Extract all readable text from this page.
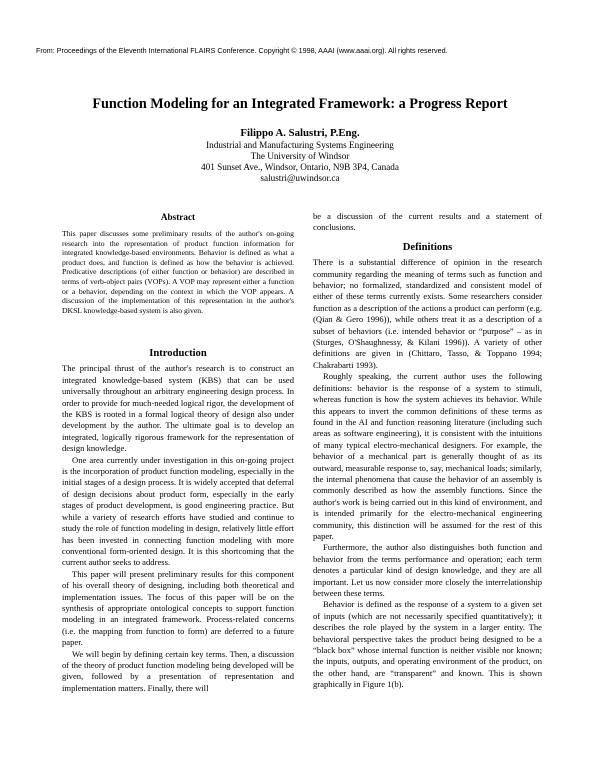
From: Proceedings of the Eleventh International FLAIRS Conference. Copyright © 1998, AAAI (www.aaai.org). All rights reserved.
Function Modeling for an Integrated Framework: a Progress Report
Filippo A. Salustri, P.Eng.
Industrial and Manufacturing Systems Engineering
The University of Windsor
401 Sunset Ave., Windsor, Ontario, N9B 3P4, Canada
salustri@uwindsor.ca
Abstract

This paper discusses some preliminary results of the author's on-going research into the representation of product function information for integrated knowledge-based environments. Behavior is defined as what a product does, and function is defined as how the behavior is achieved. Predicative descriptions (of either function or behavior) are described in terms of verb-object pairs (VOPs). A VOP may represent either a function or a behavior, depending on the context in which the VOP appears. A discussion of the implementation of this representation in the author's DKSL knowledge-based system is also given.

Introduction

The principal thrust of the author's research is to construct an integrated knowledge-based system (KBS) that can be used universally throughout an arbitrary engineering design process. In order to provide for much-needed logical rigor, the development of the KBS is rooted in a formal logical theory of design also under development by the author. The ultimate goal is to develop an integrated, logically rigorous framework for the representation of design knowledge.

One area currently under investigation in this on-going project is the incorporation of product function modeling, especially in the initial stages of a design process. It is widely accepted that deferral of design decisions about product form, especially in the early stages of product development, is good engineering practice. But while a variety of research efforts have studied and continue to study the role of function modeling in design, relatively little effort has been invested in connecting function modeling with more conventional form-oriented design. It is this shortcoming that the current author seeks to address.

This paper will present preliminary results for this component of his overall theory of designing, including both theoretical and implementation issues. The focus of this paper will be on the synthesis of appropriate ontological concepts to support function modeling in an integrated framework. Process-related concerns (i.e. the mapping from function to form) are deferred to a future paper.

We will begin by defining certain key terms. Then, a discussion of the theory of product function modeling being developed will be given, followed by a presentation of representation and implementation matters. Finally, there will

be a discussion of the current results and a statement of conclusions.

Definitions

There is a substantial difference of opinion in the research community regarding the meaning of terms such as function and behavior; no formalized, standardized and consistent model of either of these terms currently exists. Some researchers consider function as a description of the actions a product can perform (e.g. (Qian & Gero 1996)), while others treat it as a description of a subset of behaviors (i.e. intended behavior or “purpose” – as in (Sturges, O'Shaughnessy, & Kilani 1996)). A variety of other definitions are given in (Chittaro, Tasso, & Toppano 1994; Chakrabarti 1993).

Roughly speaking, the current author uses the following definitions: behavior is the response of a system to stimuli, whereas function is how the system achieves its behavior. While this appears to invert the common definitions of these terms as found in the AI and function reasoning literature (including such areas as software engineering), it is consistent with the intuitions of many typical electro-mechanical designers. For example, the behavior of a mechanical part is generally thought of as its outward, measurable response to, say, mechanical loads; similarly, the internal phenomena that cause the behavior of an assembly is commonly described as how the assembly functions. Since the author's work is being carried out in this kind of environment, and is intended primarily for the electro-mechanical engineering community, this distinction will be assumed for the rest of this paper.

Furthermore, the author also distinguishes both function and behavior from the terms performance and operation; each term denotes a particular kind of design knowledge, and they are all important. Let us now consider more closely the interrelationship between these terms.

Behavior is defined as the response of a system to a given set of inputs (which are not necessarily specified quantitatively); it describes the role played by the system in a larger entity. The behavioral perspective takes the product being designed to be a “black box” whose internal function is neither visible nor known; the inputs, outputs, and operating environment of the product, on the other hand, are “transparent” and known. This is shown graphically in Figure 1(b).
